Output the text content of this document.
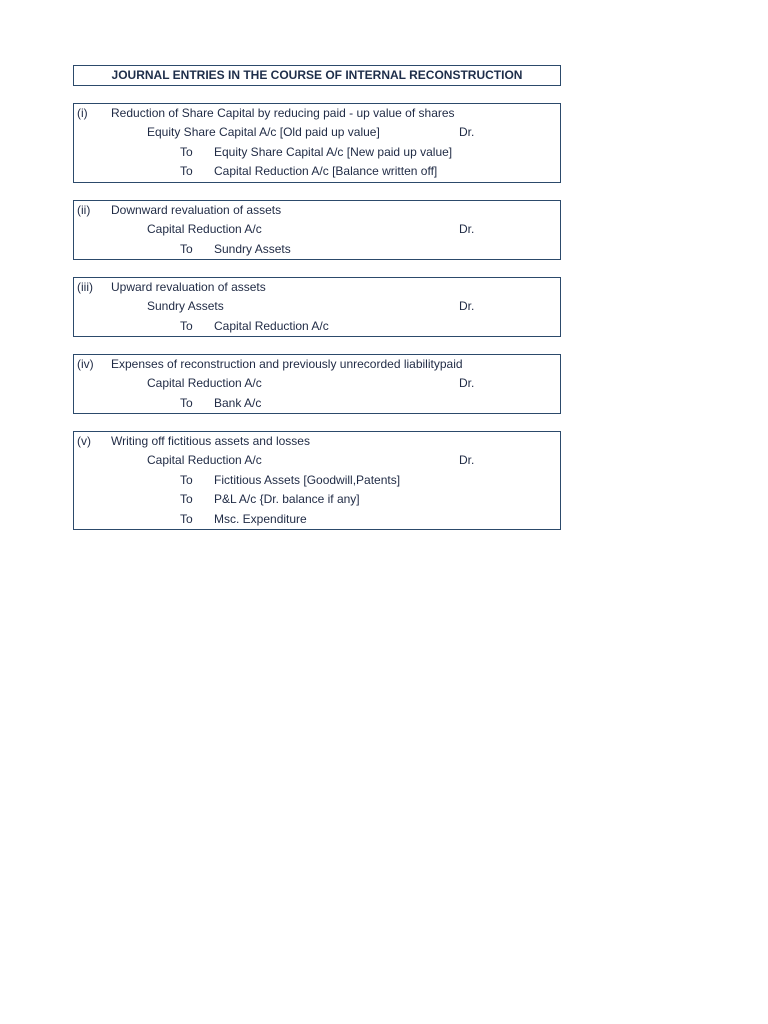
JOURNAL ENTRIES IN THE COURSE OF INTERNAL RECONSTRUCTION
(i) Reduction of Share Capital by reducing paid - up value of shares
Equity Share Capital A/c [Old paid up value]	Dr.
To Equity Share Capital A/c [New paid up value]
To Capital Reduction A/c [Balance written off]
(ii) Downward revaluation of assets
Capital Reduction A/c	Dr.
To Sundry Assets
(iii) Upward revaluation of assets
Sundry Assets	Dr.
To Capital Reduction A/c
(iv) Expenses of reconstruction and previously unrecorded liabilitypaid
Capital Reduction A/c	Dr.
To Bank A/c
(v) Writing off fictitious assets and losses
Capital Reduction A/c	Dr.
To Fictitious Assets [Goodwill,Patents]
To P&L A/c {Dr. balance if any]
To Msc. Expenditure
